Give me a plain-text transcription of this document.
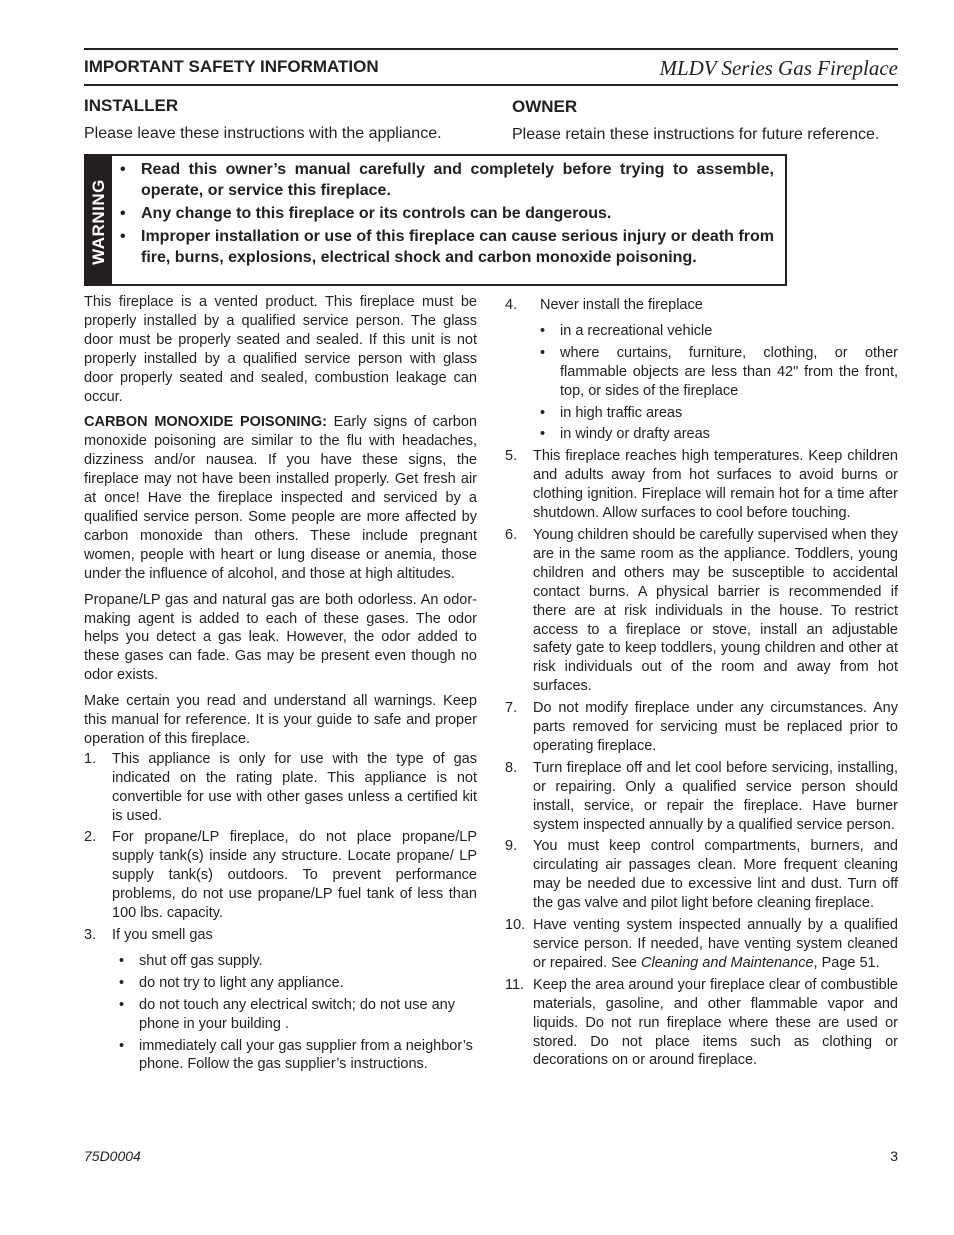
IMPORTANT SAFETY INFORMATION	MLDV Series Gas Fireplace
INSTALLER
Please leave these instructions with the appliance.
OWNER
Please retain these instructions for future reference.
WARNING
• Read this owner’s manual carefully and completely before trying to assemble, operate, or service this fireplace.
• Any change to this fireplace or its controls can be dangerous.
• Improper installation or use of this fireplace can cause serious injury or death from fire, burns, explosions, electrical shock and carbon monoxide poisoning.

This fireplace is a vented product. This fireplace must be properly installed by a qualified service person. The glass door must be properly seated and sealed. If this unit is not properly installed by a qualified service person with glass door properly seated and sealed, combustion leakage can occur.

CARBON MONOXIDE POISONING: Early signs of carbon monoxide poisoning are similar to the flu with headaches, dizziness and/or nausea. If you have these signs, the fireplace may not have been installed properly. Get fresh air at once! Have the fireplace inspected and serviced by a qualified service person. Some people are more affected by carbon monoxide than others. These include pregnant women, people with heart or lung disease or anemia, those under the influence of alcohol, and those at high altitudes.

Propane/LP gas and natural gas are both odorless. An odor-making agent is added to each of these gases. The odor helps you detect a gas leak. However, the odor added to these gases can fade. Gas may be present even though no odor exists.

Make certain you read and understand all warnings. Keep this manual for reference. It is your guide to safe and proper operation of this fireplace.

1. This appliance is only for use with the type of gas indicated on the rating plate. This appliance is not convertible for use with other gases unless a certified kit is used.
2. For propane/LP fireplace, do not place propane/LP supply tank(s) inside any structure. Locate propane/ LP supply tank(s) outdoors. To prevent performance problems, do not use propane/LP fuel tank of less than 100 lbs. capacity.
3. If you smell gas
• shut off gas supply.
• do not try to light any appliance.
• do not touch any electrical switch; do not use any phone in your building .
• immediately call your gas supplier from a neighbor’s phone. Follow the gas supplier’s instructions.
4. Never install the fireplace
• in a recreational vehicle
• where curtains, furniture, clothing, or other flammable objects are less than 42" from the front, top, or sides of the fireplace
• in high traffic areas
• in windy or drafty areas
5. This fireplace reaches high temperatures. Keep children and adults away from hot surfaces to avoid burns or clothing ignition. Fireplace will remain hot for a time after shutdown. Allow surfaces to cool before touching.
6. Young children should be carefully supervised when they are in the same room as the appliance. Toddlers, young children and others may be susceptible to accidental contact burns. A physical barrier is recommended if there are at risk individuals in the house. To restrict access to a fireplace or stove, install an adjustable safety gate to keep toddlers, young children and other at risk individuals out of the room and away from hot surfaces.
7. Do not modify fireplace under any circumstances. Any parts removed for servicing must be replaced prior to operating fireplace.
8. Turn fireplace off and let cool before servicing, installing, or repairing. Only a qualified service person should install, service, or repair the fireplace. Have burner system inspected annually by a qualified service person.
9. You must keep control compartments, burners, and circulating air passages clean. More frequent cleaning may be needed due to excessive lint and dust. Turn off the gas valve and pilot light before cleaning fireplace.
10. Have venting system inspected annually by a qualified service person. If needed, have venting system cleaned or repaired. See Cleaning and Maintenance, Page 51.
11. Keep the area around your fireplace clear of combustible materials, gasoline, and other flammable vapor and liquids. Do not run fireplace where these are used or stored. Do not place items such as clothing or decorations on or around fireplace.
75D0004	3
